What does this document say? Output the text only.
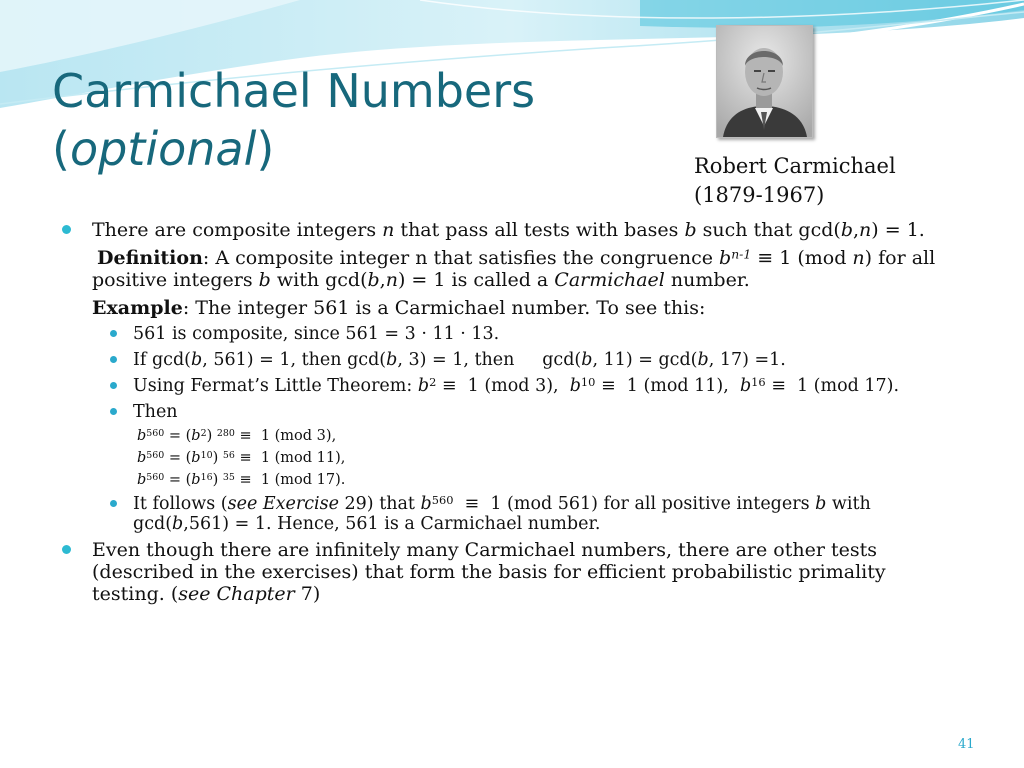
Carmichael Numbers
(optional)	Robert Carmichael
(1879-1967)
There are composite integers n that pass all tests with bases b such that gcd(b,n) = 1.
Definition: A composite integer n that satisfies the congruence $b^{n-1} \equiv 1$ (mod n) for all
positive integers b with gcd(b,n) = 1 is called a Carmichael number.
Example: The integer 561 is a Carmichael number. To see this:
561 is composite, since 561 = 3 · 11 · 13.
If gcd(b, 561) = 1, then gcd(b, 3) = 1, then     gcd(b, 11) = gcd(b, 17) =1.
Using Fermat’s Little Theorem: $b^2 \equiv 1$ (mod 3),  $b^{10} \equiv 1$ (mod 11),  $b^{16} \equiv 1$ (mod 17).
Then
$b^{560} = (b^2) ^{280} \equiv 1$ (mod 3),
$b^{560} = (b^{10}) ^{56} \equiv 1$ (mod 11),
$b^{560} = (b^{16}) ^{35} \equiv 1$ (mod 17).
It follows (see Exercise 29) that $b^{560} \equiv 1$ (mod 561) for all positive integers b with
gcd(b,561) = 1. Hence, 561 is a Carmichael number.
Even though there are infinitely many Carmichael numbers, there are other tests
(described in the exercises) that form the basis for efficient probabilistic primality
testing. (see Chapter 7)
41
